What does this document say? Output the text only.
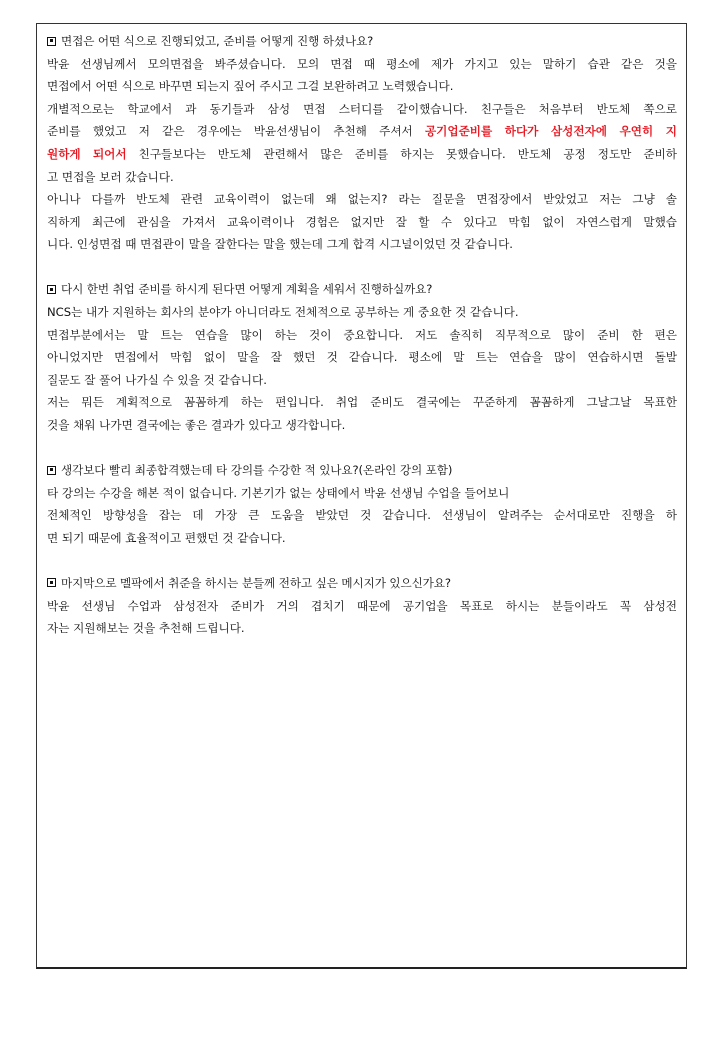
면접은 어떤 식으로 진행되었고, 준비를 어떻게 진행 하셨나요?

박윤 선생님께서 모의면접을 봐주셨습니다. 모의 면접 때 평소에 제가 가지고 있는 말하기 습관 같은 것을

면접에서 어떤 식으로 바꾸면 되는지 짚어 주시고 그걸 보완하려고 노력했습니다.

개별적으로는 학교에서 과 동기들과 삼성 면접 스터디를 같이했습니다. 친구들은 처음부터 반도체 쪽으로

준비를 했었고 저 같은 경우에는 박윤선생님이 추천해 주셔서 공기업준비를 하다가 삼성전자에 우연히 지

원하게 되어서 친구들보다는 반도체 관련해서 많은 준비를 하지는 못했습니다. 반도체 공정 정도만 준비하

고 면접을 보러 갔습니다.

아니나 다를까 반도체 관련 교육이력이 없는데 왜 없는지? 라는 질문을 면접장에서 받았었고 저는 그냥 솔

직하게 최근에 관심을 가져서 교육이력이나 경험은 없지만 잘 할 수 있다고 막힘 없이 자연스럽게 말했습

니다. 인성면접 때 면접관이 말을 잘한다는 말을 했는데 그게 합격 시그널이었던 것 같습니다.

다시 한번 취업 준비를 하시게 된다면 어떻게 계획을 세워서 진행하실까요?

NCS는 내가 지원하는 회사의 분야가 아니더라도 전체적으로 공부하는 게 중요한 것 같습니다.

면접부분에서는 말 트는 연습을 많이 하는 것이 중요합니다. 저도 솔직히 직무적으로 많이 준비 한 편은

아니었지만 면접에서 막힘 없이 말을 잘 했던 것 같습니다. 평소에 말 트는 연습을 많이 연습하시면 돌발

질문도 잘 풀어 나가실 수 있을 것 같습니다.

저는 뭐든 계획적으로 꼼꼼하게 하는 편입니다. 취업 준비도 결국에는 꾸준하게 꼼꼼하게 그날그날 목표한

것을 채워 나가면 결국에는 좋은 결과가 있다고 생각합니다.

생각보다 빨리 최종합격했는데 타 강의를 수강한 적 있나요?(온라인 강의 포함)

타 강의는 수강을 해본 적이 없습니다. 기본기가 없는 상태에서 박윤 선생님 수업을 들어보니

전체적인 방향성을 잡는 데 가장 큰 도움을 받았던 것 같습니다. 선생님이 알려주는 순서대로만 진행을 하

면 되기 때문에 효율적이고 편했던 것 같습니다.

마지막으로 멜팍에서 취준을 하시는 분들께 전하고 싶은 메시지가 있으신가요?

박윤 선생님 수업과 삼성전자 준비가 거의 겹치기 때문에 공기업을 목표로 하시는 분들이라도 꼭 삼성전

자는 지원해보는 것을 추천해 드립니다.
